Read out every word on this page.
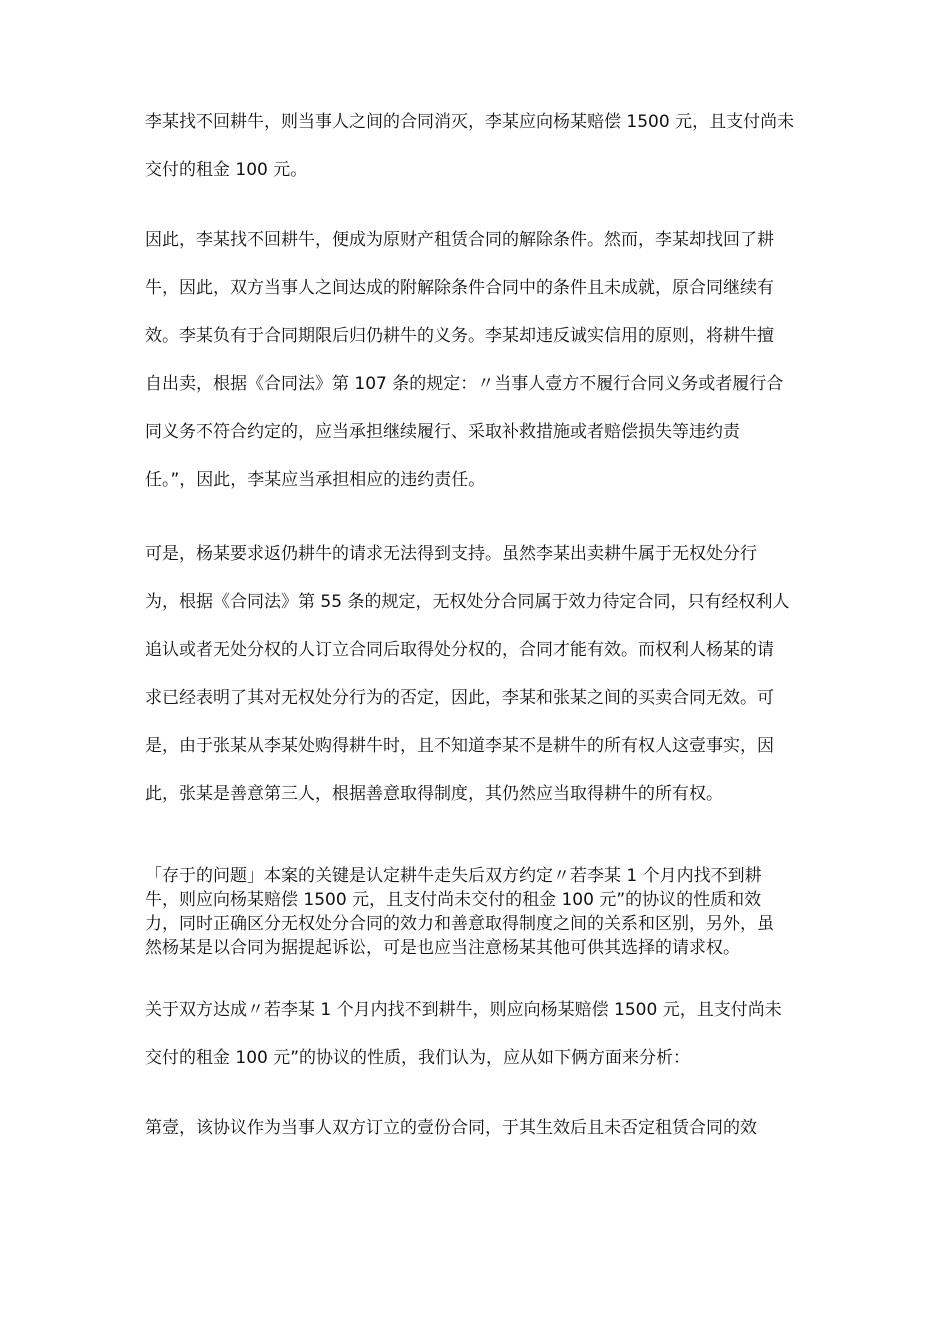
李某找不回耕牛，则当事人之间的合同消灭，李某应向杨某赔偿 1500 元，且支付尚未
交付的租金 100 元。

因此，李某找不回耕牛，便成为原财产租赁合同的解除条件。然而，李某却找回了耕
牛，因此，双方当事人之间达成的附解除条件合同中的条件且未成就，原合同继续有
效。李某负有于合同期限后归仍耕牛的义务。李某却违反诚实信用的原则，将耕牛擅
自出卖，根据《合同法》第 107 条的规定：〃当事人壹方不履行合同义务或者履行合
同义务不符合约定的，应当承担继续履行、采取补救措施或者赔偿损失等违约责
任。”，因此，李某应当承担相应的违约责任。

可是，杨某要求返仍耕牛的请求无法得到支持。虽然李某出卖耕牛属于无权处分行
为，根据《合同法》第 55 条的规定，无权处分合同属于效力待定合同，只有经权利人
追认或者无处分权的人订立合同后取得处分权的，合同才能有效。而权利人杨某的请
求已经表明了其对无权处分行为的否定，因此，李某和张某之间的买卖合同无效。可
是，由于张某从李某处购得耕牛时，且不知道李某不是耕牛的所有权人这壹事实，因
此，张某是善意第三人，根据善意取得制度，其仍然应当取得耕牛的所有权。

「存于的问题」本案的关键是认定耕牛走失后双方约定〃若李某 1 个月内找不到耕
牛，则应向杨某赔偿 1500 元，且支付尚未交付的租金 100 元”的协议的性质和效
力，同时正确区分无权处分合同的效力和善意取得制度之间的关系和区别，另外，虽
然杨某是以合同为据提起诉讼，可是也应当注意杨某其他可供其选择的请求权。

关于双方达成〃若李某 1 个月内找不到耕牛，则应向杨某赔偿 1500 元，且支付尚未
交付的租金 100 元”的协议的性质，我们认为，应从如下俩方面来分析：

第壹，该协议作为当事人双方订立的壹份合同，于其生效后且未否定租赁合同的效
